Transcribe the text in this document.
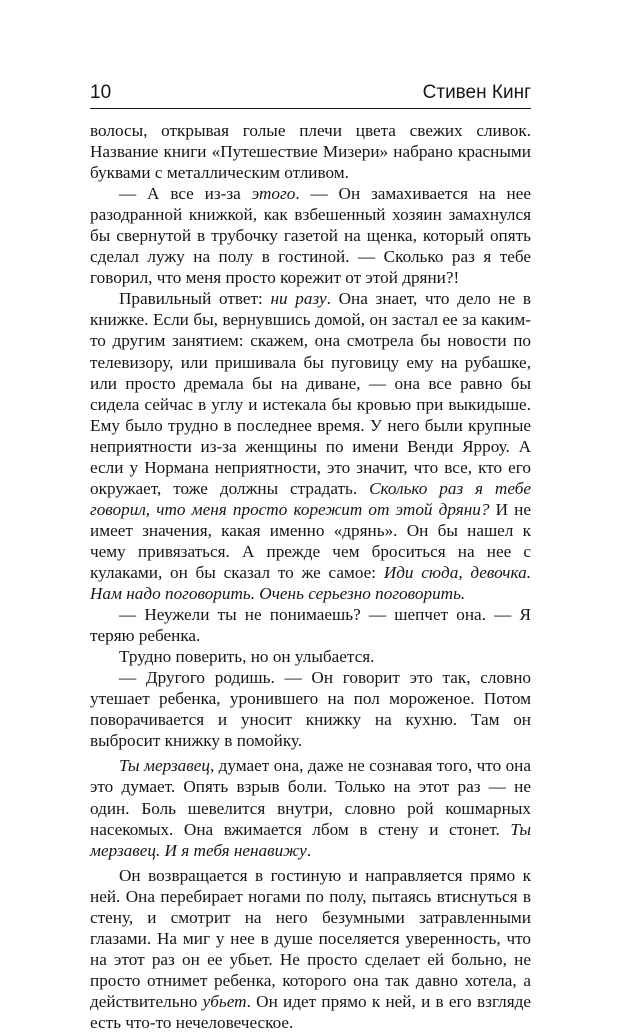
10	Стивен Кинг

волосы, открывая голые плечи цвета свежих сливок. Название книги «Путешествие Мизери» набрано красными буквами с металлическим отливом.

— А все из-за этого. — Он замахивается на нее разодранной книжкой, как взбешенный хозяин замахнулся бы свернутой в трубочку газетой на щенка, который опять сделал лужу на полу в гостиной. — Сколько раз я тебе говорил, что меня просто корежит от этой дряни?!

Правильный ответ: ни разу. Она знает, что дело не в книжке. Если бы, вернувшись домой, он застал ее за каким-то другим занятием: скажем, она смотрела бы новости по телевизору, или пришивала бы пуговицу ему на рубашке, или просто дремала бы на диване, — она все равно бы сидела сейчас в углу и истекала бы кровью при выкидыше. Ему было трудно в последнее время. У него были крупные неприятности из-за женщины по имени Венди Ярроу. А если у Нормана неприятности, это значит, что все, кто его окружает, тоже должны страдать. Сколько раз я тебе говорил, что меня просто корежит от этой дряни? И не имеет значения, какая именно «дрянь». Он бы нашел к чему привязаться. А прежде чем броситься на нее с кулаками, он бы сказал то же самое: Иди сюда, девочка. Нам надо поговорить. Очень серьезно поговорить.

— Неужели ты не понимаешь? — шепчет она. — Я теряю ребенка.

Трудно поверить, но он улыбается.

— Другого родишь. — Он говорит это так, словно утешает ребенка, уронившего на пол мороженое. Потом поворачивается и уносит книжку на кухню. Там он выбросит книжку в помойку.

Ты мерзавец, думает она, даже не сознавая того, что она это думает. Опять взрыв боли. Только на этот раз — не один. Боль шевелится внутри, словно рой кошмарных насекомых. Она вжимается лбом в стену и стонет. Ты мерзавец. И я тебя ненавижу.

Он возвращается в гостиную и направляется прямо к ней. Она перебирает ногами по полу, пытаясь втиснуться в стену, и смотрит на него безумными затравленными глазами. На миг у нее в душе поселяется уверенность, что на этот раз он ее убьет. Не просто сделает ей больно, не просто отнимет ребенка, которого она так давно хотела, а действительно убьет. Он идет прямо к ней, и в его взгляде есть что-то нечеловеческое.
